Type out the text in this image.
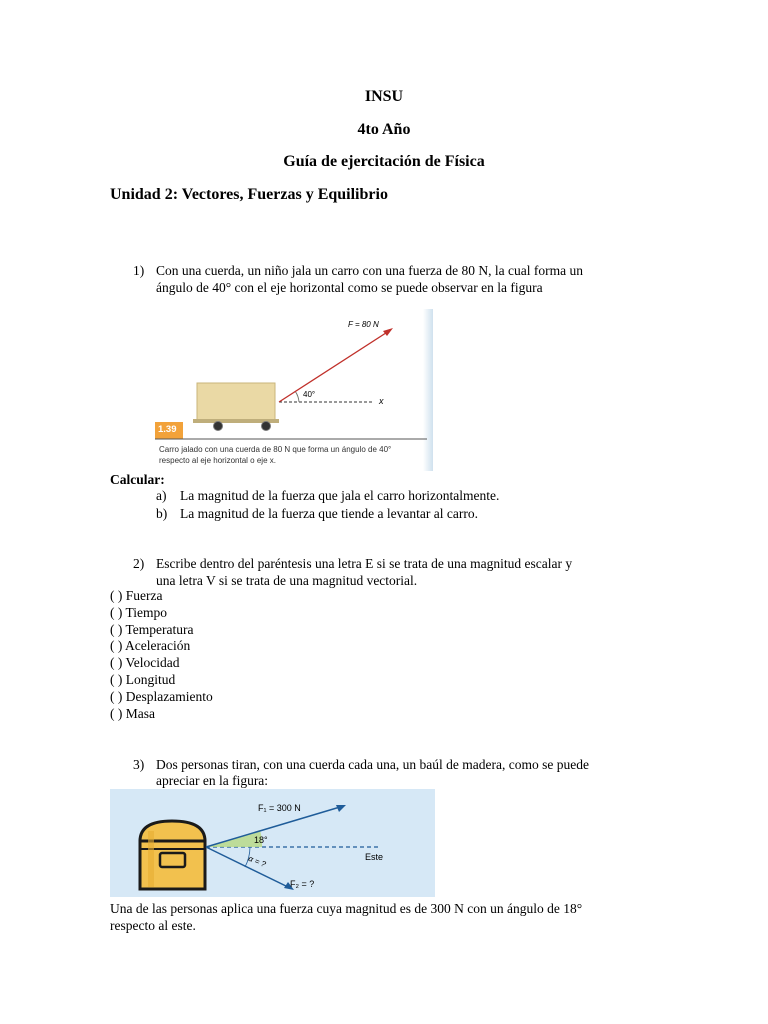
INSU
4to Año
Guía de ejercitación de Física
Unidad 2: Vectores, Fuerzas y Equilibrio
1) Con una cuerda, un niño jala un carro con una fuerza de 80 N, la cual forma un
ángulo de 40° con el eje horizontal como se puede observar en la figura
F = 80 N
40°
x
1.39
Carro jalado con una cuerda de 80 N que forma un ángulo de 40°
respecto al eje horizontal o eje x.
Calcular:
a) La magnitud de la fuerza que jala el carro horizontalmente.
b) La magnitud de la fuerza que tiende a levantar al carro.
2) Escribe dentro del paréntesis una letra E si se trata de una magnitud escalar y
una letra V si se trata de una magnitud vectorial.
( ) Fuerza
( ) Tiempo
( ) Temperatura
( ) Aceleración
( ) Velocidad
( ) Longitud
( ) Desplazamiento
( ) Masa
3) Dos personas tiran, con una cuerda cada una, un baúl de madera, como se puede
apreciar en la figura:
F₁ = 300 N
18°
α = ?	Este
F₂ = ?
Una de las personas aplica una fuerza cuya magnitud es de 300 N con un ángulo de 18°
respecto al este.
